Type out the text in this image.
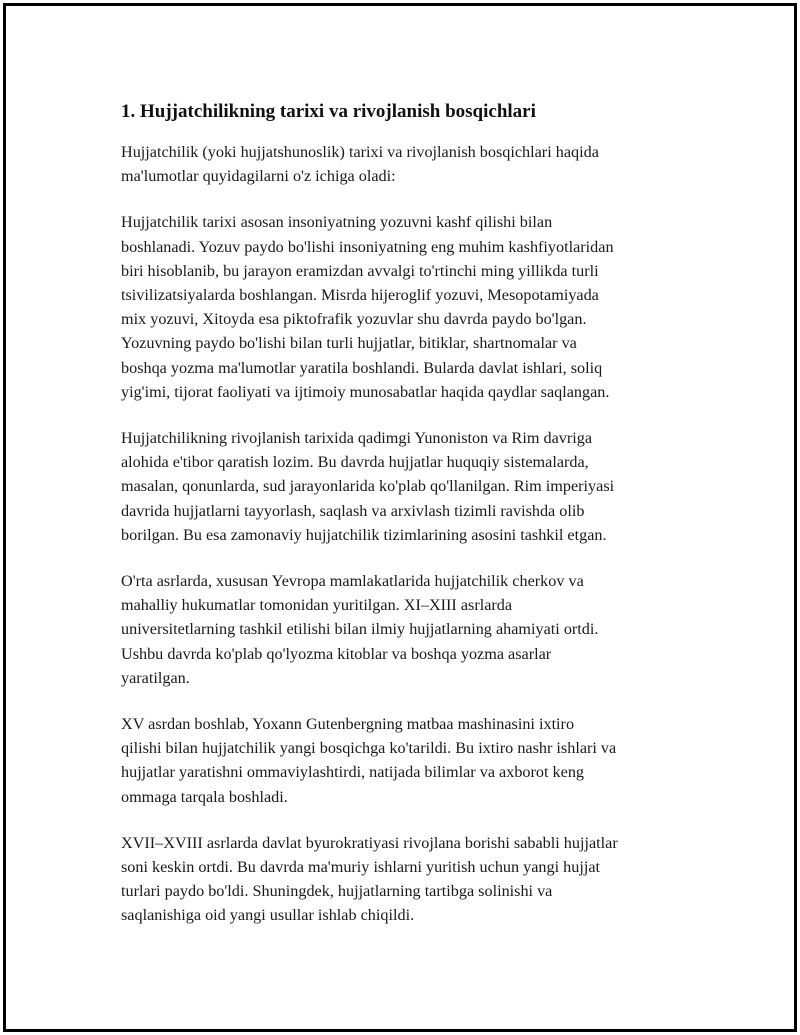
1. Hujjatchilikning tarixi va rivojlanish bosqichlari

Hujjatchilik (yoki hujjatshunoslik) tarixi va rivojlanish bosqichlari haqida
ma'lumotlar quyidagilarni o'z ichiga oladi:

Hujjatchilik tarixi asosan insoniyatning yozuvni kashf qilishi bilan
boshlanadi. Yozuv paydo bo'lishi insoniyatning eng muhim kashfiyotlaridan
biri hisoblanib, bu jarayon eramizdan avvalgi to'rtinchi ming yillikda turli
tsivilizatsiyalarda boshlangan. Misrda hijeroglif yozuvi, Mesopotamiyada
mix yozuvi, Xitoyda esa piktofrafik yozuvlar shu davrda paydo bo'lgan.
Yozuvning paydo bo'lishi bilan turli hujjatlar, bitiklar, shartnomalar va
boshqa yozma ma'lumotlar yaratila boshlandi. Bularda davlat ishlari, soliq
yig'imi, tijorat faoliyati va ijtimoiy munosabatlar haqida qaydlar saqlangan.

Hujjatchilikning rivojlanish tarixida qadimgi Yunoniston va Rim davriga
alohida e'tibor qaratish lozim. Bu davrda hujjatlar huquqiy sistemalarda,
masalan, qonunlarda, sud jarayonlarida ko'plab qo'llanilgan. Rim imperiyasi
davrida hujjatlarni tayyorlash, saqlash va arxivlash tizimli ravishda olib
borilgan. Bu esa zamonaviy hujjatchilik tizimlarining asosini tashkil etgan.

O'rta asrlarda, xususan Yevropa mamlakatlarida hujjatchilik cherkov va
mahalliy hukumatlar tomonidan yuritilgan. XI–XIII asrlarda
universitetlarning tashkil etilishi bilan ilmiy hujjatlarning ahamiyati ortdi.
Ushbu davrda ko'plab qo'lyozma kitoblar va boshqa yozma asarlar
yaratilgan.

XV asrdan boshlab, Yoxann Gutenbergning matbaa mashinasini ixtiro
qilishi bilan hujjatchilik yangi bosqichga ko'tarildi. Bu ixtiro nashr ishlari va
hujjatlar yaratishni ommaviylashtirdi, natijada bilimlar va axborot keng
ommaga tarqala boshladi.

XVII–XVIII asrlarda davlat byurokratiyasi rivojlana borishi sababli hujjatlar
soni keskin ortdi. Bu davrda ma'muriy ishlarni yuritish uchun yangi hujjat
turlari paydo bo'ldi. Shuningdek, hujjatlarning tartibga solinishi va
saqlanishiga oid yangi usullar ishlab chiqildi.
